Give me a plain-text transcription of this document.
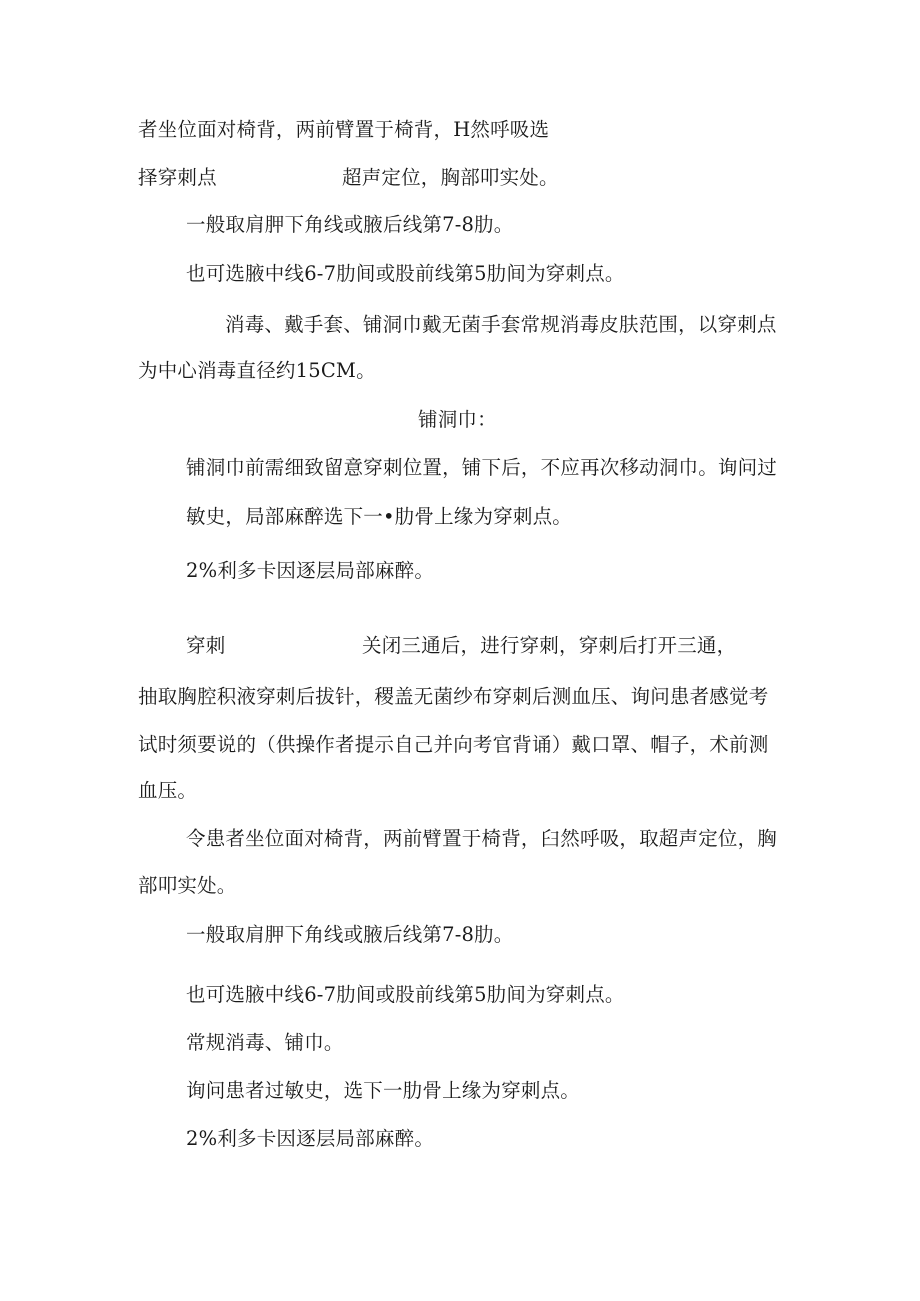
者坐位面对椅背，两前臂置于椅背，H然呼吸选
择穿刺点	超声定位，胸部叩实处。
一般取肩胛下角线或腋后线第7-8肋。
也可选腋中线6-7肋间或股前线第5肋间为穿刺点。
消毒、戴手套、铺洞巾戴无菌手套常规消毒皮肤范围，以穿刺点
为中心消毒直径约15CM。
铺洞巾：
铺洞巾前需细致留意穿刺位置，铺下后，不应再次移动洞巾。询问过
敏史，局部麻醉选下一•肋骨上缘为穿刺点。
2%利多卡因逐层局部麻醉。
穿刺	关闭三通后，进行穿刺，穿刺后打开三通，
抽取胸腔积液穿刺后拔针，稷盖无菌纱布穿刺后测血压、询问患者感觉考
试时须要说的（供操作者提示自己并向考官背诵）戴口罩、帽子，术前测
血压。
令患者坐位面对椅背，两前臂置于椅背，臼然呼吸，取超声定位，胸
部叩实处。
一般取肩胛下角线或腋后线第7-8肋。
也可选腋中线6-7肋间或股前线第5肋间为穿刺点。
常规消毒、铺巾。
询问患者过敏史，选下一肋骨上缘为穿刺点。
2%利多卡因逐层局部麻醉。
